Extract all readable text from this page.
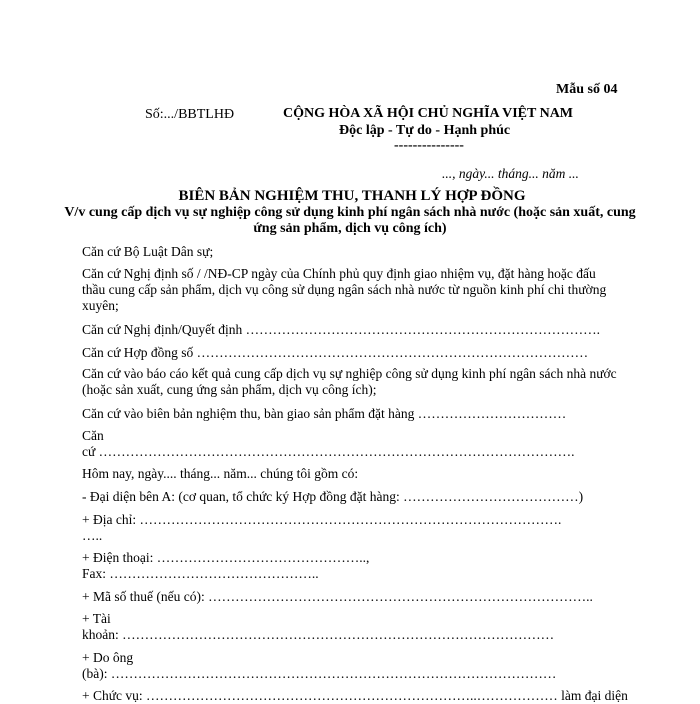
Mẫu số 04
Số:.../BBTLHĐ	CỘNG HÒA XÃ HỘI CHỦ NGHĨA VIỆT NAM
Độc lập - Tự do - Hạnh phúc
---------------
..., ngày... tháng... năm ...
BIÊN BẢN NGHIỆM THU, THANH LÝ HỢP ĐỒNG
V/v cung cấp dịch vụ sự nghiệp công sử dụng kinh phí ngân sách nhà nước (hoặc sản xuất, cung ứng sản phẩm, dịch vụ công ích)
Căn cứ Bộ Luật Dân sự;
Căn cứ Nghị định số / /NĐ-CP ngày của Chính phủ quy định giao nhiệm vụ, đặt hàng hoặc đấu thầu cung cấp sản phẩm, dịch vụ công sử dụng ngân sách nhà nước từ nguồn kinh phí chi thường xuyên;
Căn cứ Nghị định/Quyết định …………………………………………………………………….
Căn cứ Hợp đồng số ……………………………………………………………………………
Căn cứ vào báo cáo kết quả cung cấp dịch vụ sự nghiệp công sử dụng kinh phí ngân sách nhà nước (hoặc sản xuất, cung ứng sản phẩm, dịch vụ công ích);
Căn cứ vào biên bản nghiệm thu, bàn giao sản phẩm đặt hàng ……………………………
Căn
cứ …………………………………………………………………………………………….
Hôm nay, ngày.... tháng... năm... chúng tôi gồm có:
- Đại diện bên A: (cơ quan, tổ chức ký Hợp đồng đặt hàng: …………………………………)
+ Địa chỉ: ………………………………………………………………………………….
…..
+ Điện thoại: ………………………………………..,
Fax: ………………………………………..
+ Mã số thuế (nếu có): …………………………………………………………………………..
+ Tài
khoản: ……………………………………………………………………………………
+ Do ông
(bà): ………………………………………………………………………………………
+ Chức vụ: ………………………………………………………………..……………… làm đại diện
